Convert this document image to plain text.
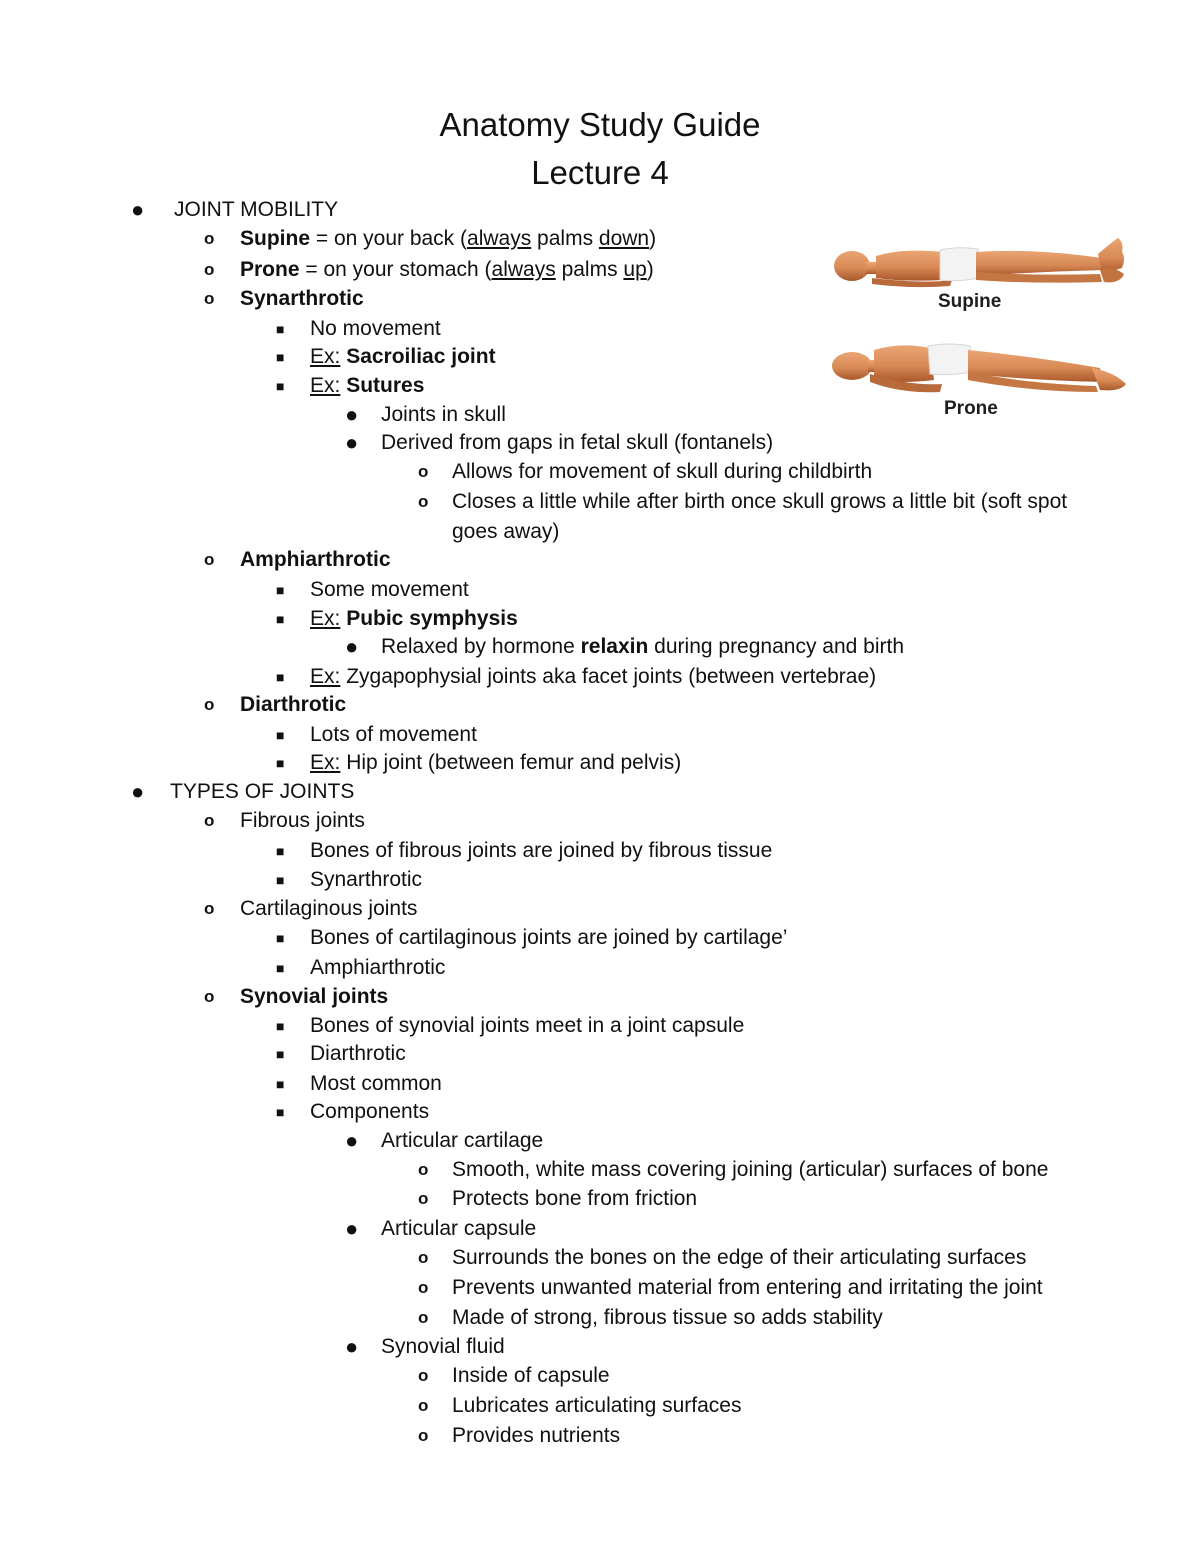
Anatomy Study Guide
Lecture 4
Supine
Prone
● JOINT MOBILITY
o Supine = on your back (always palms down)
o Prone = on your stomach (always palms up)
o Synarthrotic
■ No movement
■ Ex: Sacroiliac joint
■ Ex: Sutures
● Joints in skull
● Derived from gaps in fetal skull (fontanels)
o Allows for movement of skull during childbirth
o Closes a little while after birth once skull grows a little bit (soft spot
goes away)
o Amphiarthrotic
■ Some movement
■ Ex: Pubic symphysis
● Relaxed by hormone relaxin during pregnancy and birth
■ Ex: Zygapophysial joints aka facet joints (between vertebrae)
o Diarthrotic
■ Lots of movement
■ Ex: Hip joint (between femur and pelvis)
● TYPES OF JOINTS
o Fibrous joints
■ Bones of fibrous joints are joined by fibrous tissue
■ Synarthrotic
o Cartilaginous joints
■ Bones of cartilaginous joints are joined by cartilage’
■ Amphiarthrotic
o Synovial joints
■ Bones of synovial joints meet in a joint capsule
■ Diarthrotic
■ Most common
■ Components
● Articular cartilage
o Smooth, white mass covering joining (articular) surfaces of bone
o Protects bone from friction
● Articular capsule
o Surrounds the bones on the edge of their articulating surfaces
o Prevents unwanted material from entering and irritating the joint
o Made of strong, fibrous tissue so adds stability
● Synovial fluid
o Inside of capsule
o Lubricates articulating surfaces
o Provides nutrients
